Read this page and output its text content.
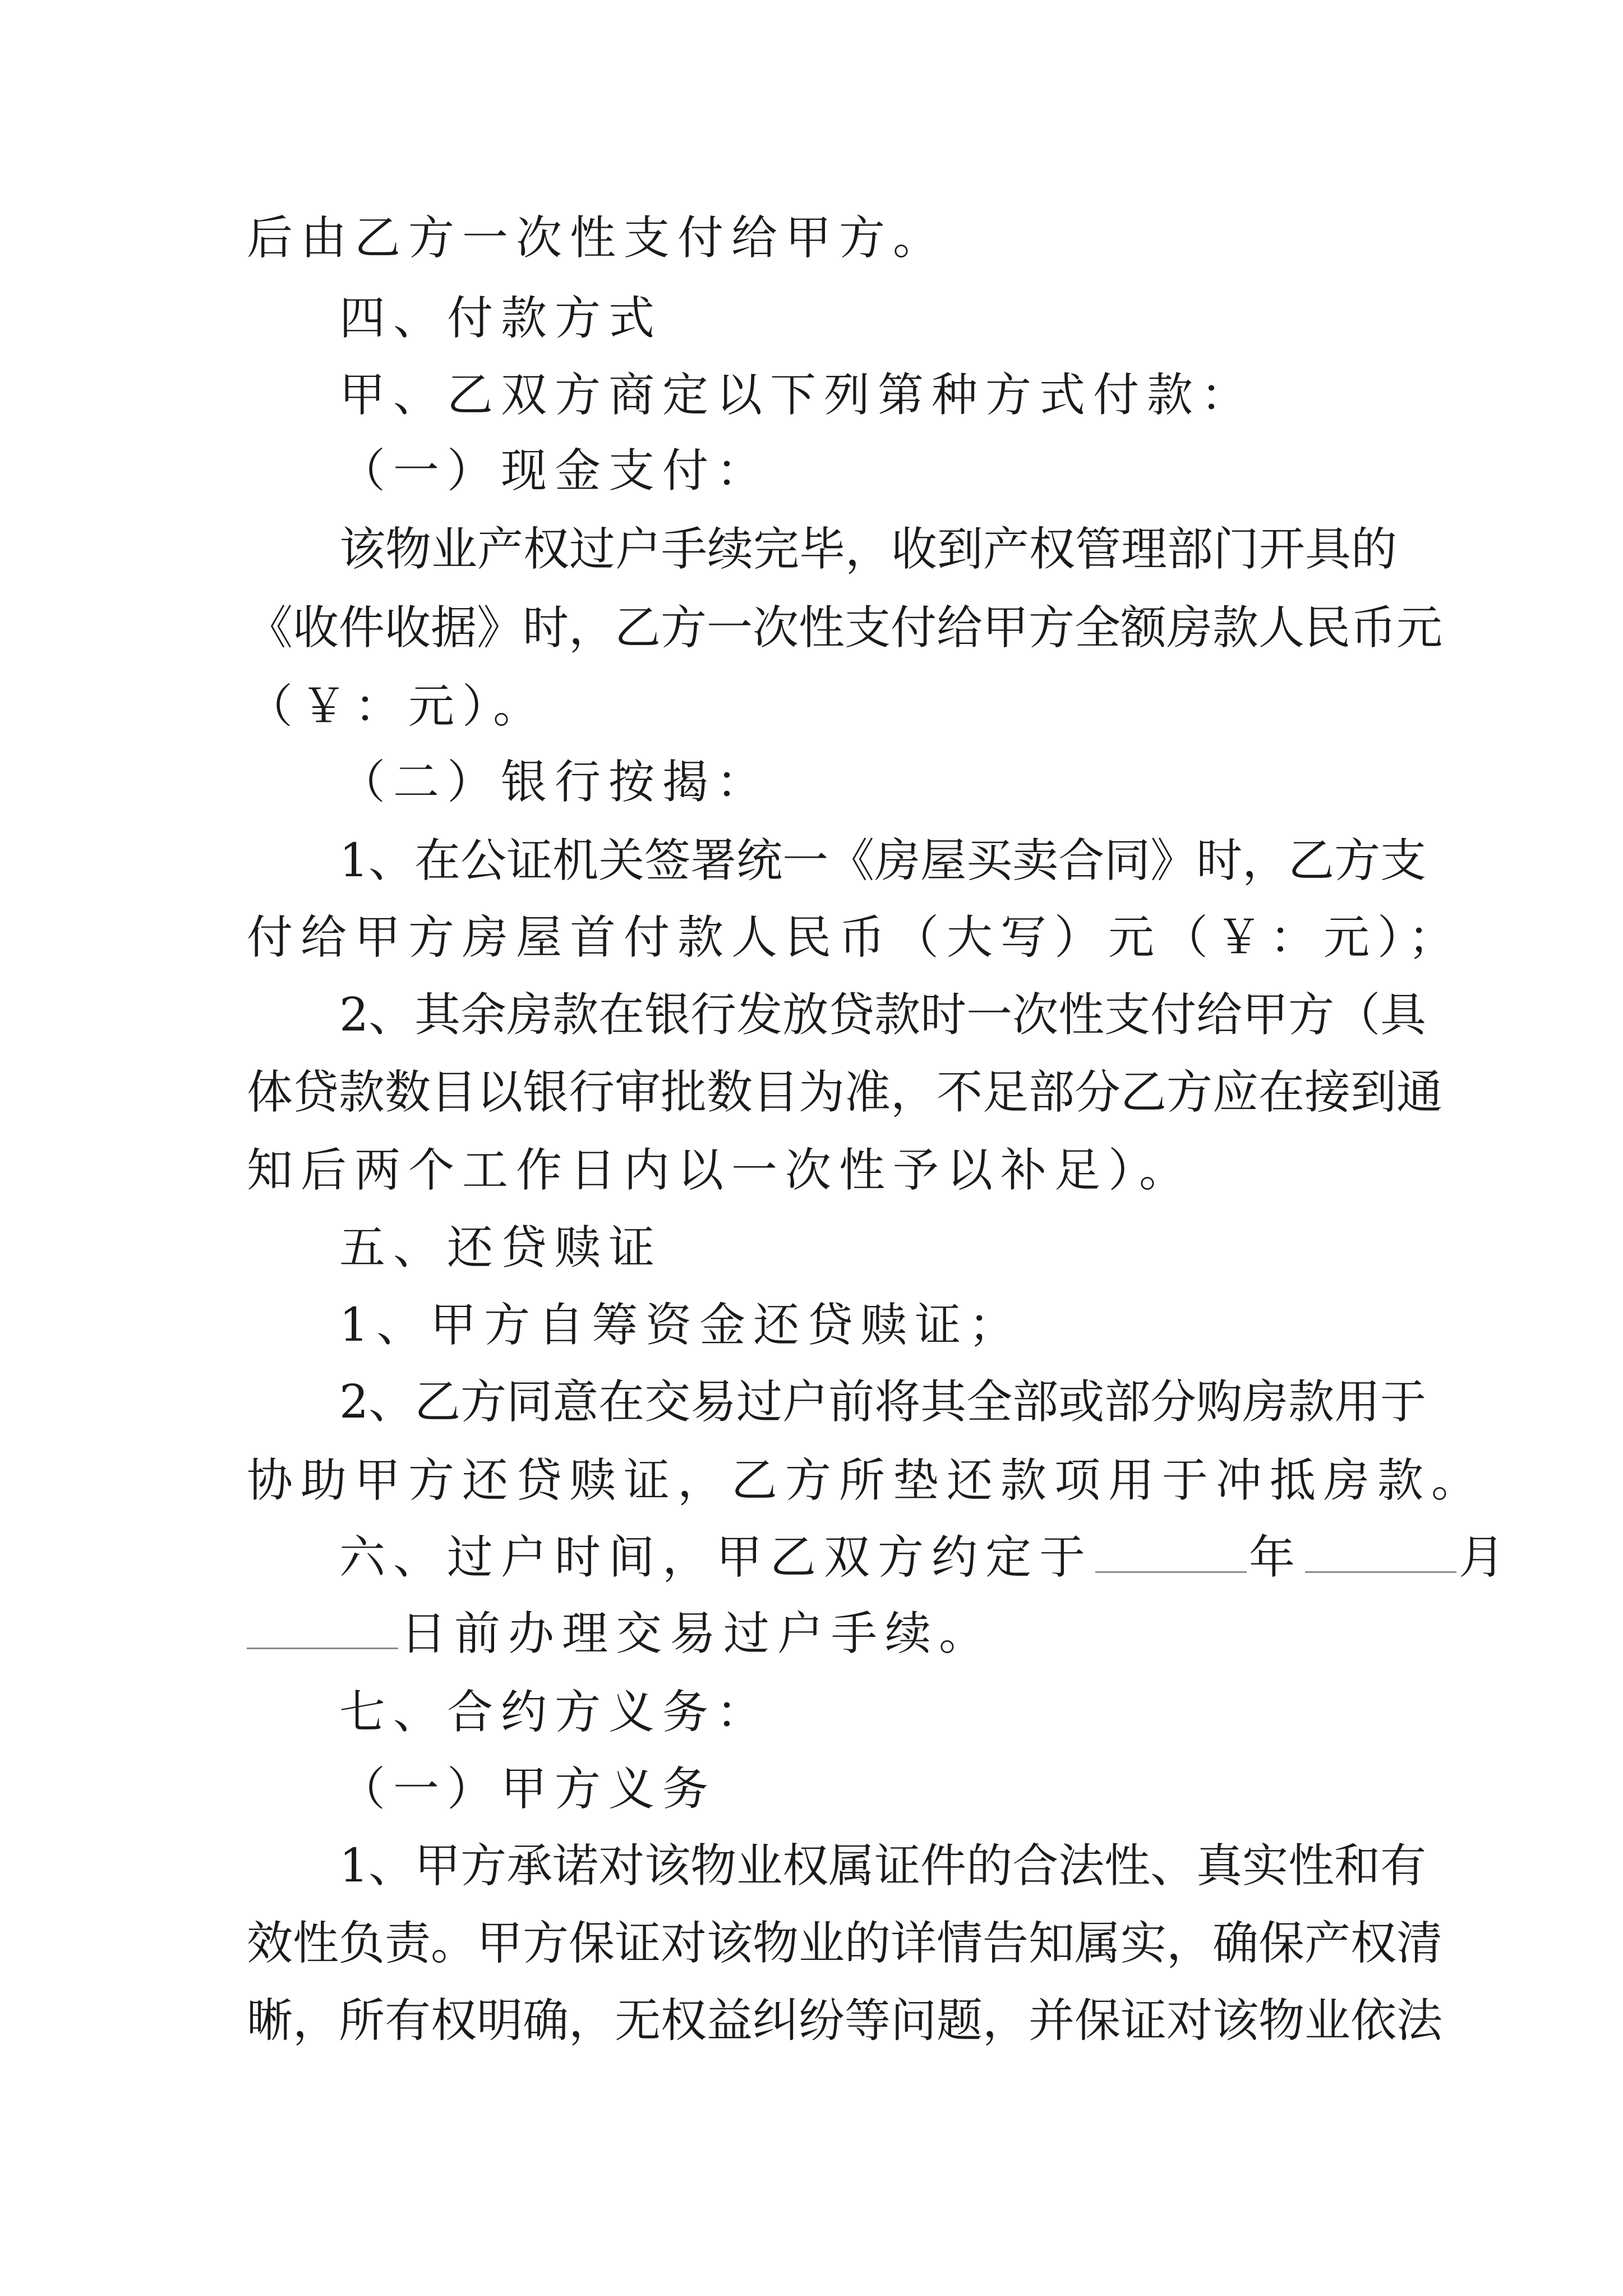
后由乙方一次性支付给甲方。
四、付款方式
甲、乙双方商定以下列第种方式付款：
（一）现金支付：
该物业产权过户手续完毕，收到产权管理部门开具的
《收件收据》时，乙方一次性支付给甲方全额房款人民币元
（￥：元）。
（二）银行按揭：
1、在公证机关签署统一《房屋买卖合同》时，乙方支
付给甲方房屋首付款人民币（大写）元（￥：元）；
2、其余房款在银行发放贷款时一次性支付给甲方（具
体贷款数目以银行审批数目为准，不足部分乙方应在接到通
知后两个工作日内以一次性予以补足）。
五、还贷赎证
1、甲方自筹资金还贷赎证；
2、乙方同意在交易过户前将其全部或部分购房款用于
协助甲方还贷赎证，乙方所垫还款项用于冲抵房款。
六、过户时间，甲乙双方约定于	年	月
日前办理交易过户手续。
七、合约方义务：
（一）甲方义务
1、甲方承诺对该物业权属证件的合法性、真实性和有
效性负责。甲方保证对该物业的详情告知属实，确保产权清
晰，所有权明确，无权益纠纷等问题，并保证对该物业依法
